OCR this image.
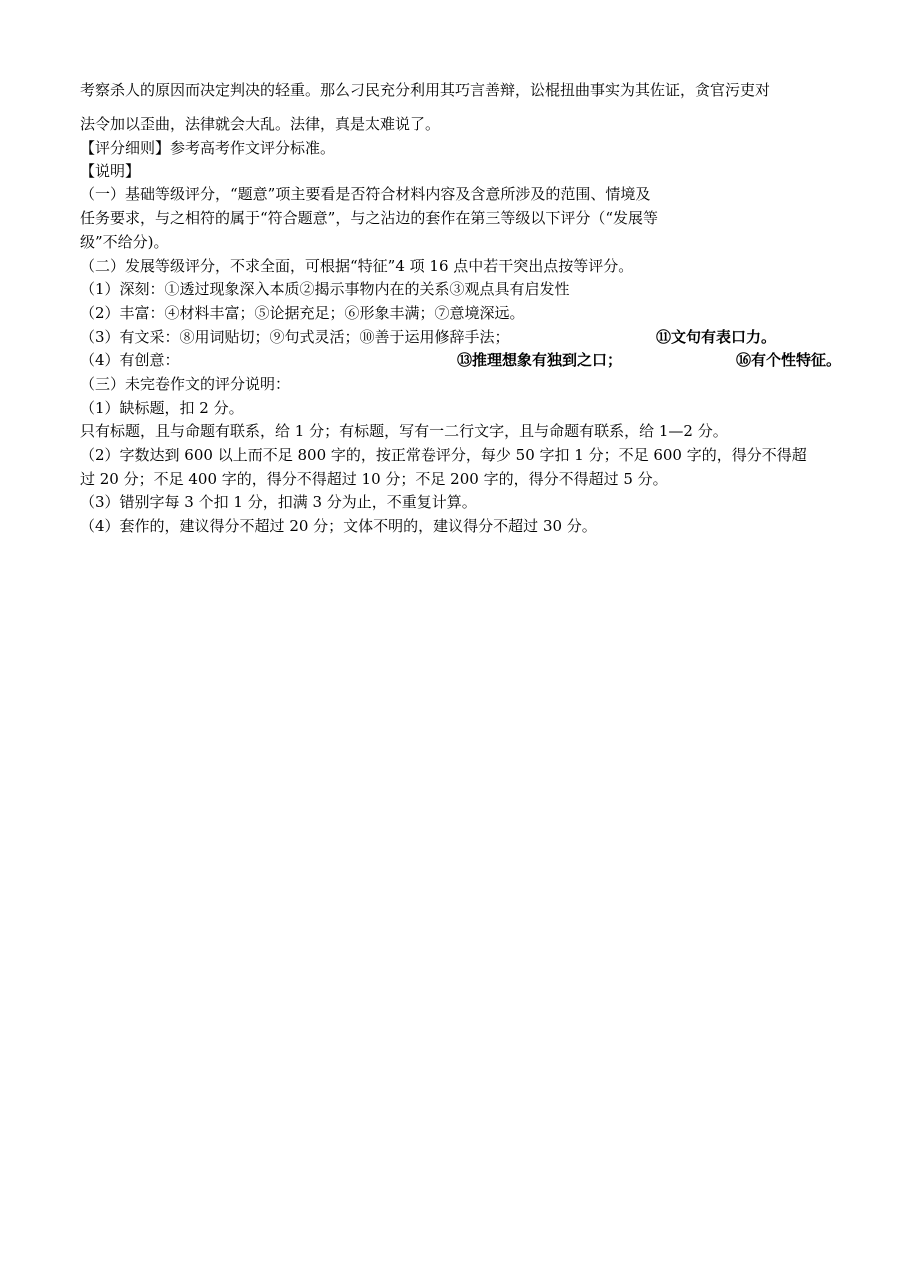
考察杀人的原因而决定判决的轻重。那么刁民充分利用其巧言善辩，讼棍扭曲事实为其佐证，贪官污吏对
法令加以歪曲，法律就会大乱。法律，真是太难说了。
【评分细则】参考高考作文评分标准。
【说明】
（一）基础等级评分，“题意”项主要看是否符合材料内容及含意所涉及的范围、情境及
任务要求，与之相符的属于“符合题意”，与之沾边的套作在第三等级以下评分（“发展等
级”不给分)。
（二）发展等级评分，不求全面，可根据“特征”4 项 16 点中若干突出点按等评分。
（1）深刻：①透过现象深入本质②揭示事物内在的关系③观点具有启发性
（2）丰富：④材料丰富；⑤论据充足；⑥形象丰满；⑦意境深远。
（3）有文采：⑧用词贴切；⑨句式灵活；⑩善于运用修辞手法；	⑪文句有表口力。
（4）有创意：	⑬推理想象有独到之口；	⑯有个性特征。
（三）未完卷作文的评分说明：
（1）缺标题，扣 2 分。
只有标题，且与命题有联系，给 1 分；有标题，写有一二行文字，且与命题有联系，给 1—2 分。
（2）字数达到 600 以上而不足 800 字的，按正常卷评分，每少 50 字扣 1 分；不足 600 字的，得分不得超
过 20 分；不足 400 字的，得分不得超过 10 分；不足 200 字的，得分不得超过 5 分。
（3）错别字每 3 个扣 1 分，扣满 3 分为止，不重复计算。
（4）套作的，建议得分不超过 20 分；文体不明的，建议得分不超过 30 分。
